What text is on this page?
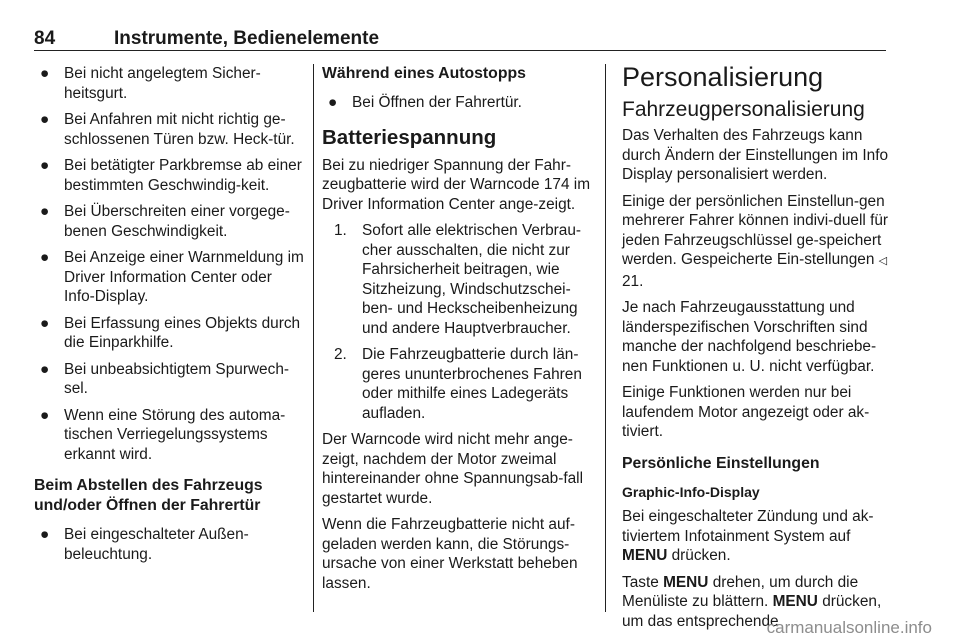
84	Instrumente, Bedienelemente
● Bei nicht angelegtem Sicher-heitsgurt.
● Bei Anfahren mit nicht richtig ge-schlossenen Türen bzw. Heck-tür.
● Bei betätigter Parkbremse ab einer bestimmten Geschwindig-keit.
● Bei Überschreiten einer vorgege-benen Geschwindigkeit.
● Bei Anzeige einer Warnmeldung im Driver Information Center oder Info-Display.
● Bei Erfassung eines Objekts durch die Einparkhilfe.
● Bei unbeabsichtigtem Spurwech-sel.
● Wenn eine Störung des automa-tischen Verriegelungssystems erkannt wird.
Beim Abstellen des Fahrzeugs und/oder Öffnen der Fahrertür
● Bei eingeschalteter Außen-beleuchtung.
Während eines Autostopps
● Bei Öffnen der Fahrertür.
Batteriespannung

Bei zu niedriger Spannung der Fahr-zeugbatterie wird der Warncode 174 im Driver Information Center ange-zeigt.

1. Sofort alle elektrischen Verbrau-cher ausschalten, die nicht zur Fahrsicherheit beitragen, wie Sitzheizung, Windschutzschei-ben- und Heckscheibenheizung und andere Hauptverbraucher.
2. Die Fahrzeugbatterie durch län-geres ununterbrochenes Fahren oder mithilfe eines Ladegeräts aufladen.

Der Warncode wird nicht mehr ange-zeigt, nachdem der Motor zweimal hintereinander ohne Spannungsab-fall gestartet wurde.

Wenn die Fahrzeugbatterie nicht auf-geladen werden kann, die Störungs-ursache von einer Werkstatt beheben lassen.

Personalisierung
Fahrzeugpersonalisierung

Das Verhalten des Fahrzeugs kann durch Ändern der Einstellungen im Info Display personalisiert werden.

Einige der persönlichen Einstellun-gen mehrerer Fahrer können indivi-duell für jeden Fahrzeugschlüssel ge-speichert werden. Gespeicherte Ein-stellungen ◁ 21.

Je nach Fahrzeugausstattung und länderspezifischen Vorschriften sind manche der nachfolgend beschriebe-nen Funktionen u. U. nicht verfügbar.

Einige Funktionen werden nur bei laufendem Motor angezeigt oder ak-tiviert.

Persönliche Einstellungen
Graphic-Info-Display

Bei eingeschalteter Zündung und ak-tiviertem Infotainment System auf MENU drücken.

Taste MENU drehen, um durch die Menüliste zu blättern. MENU drücken, um das entsprechende

carmanualsonline.info
